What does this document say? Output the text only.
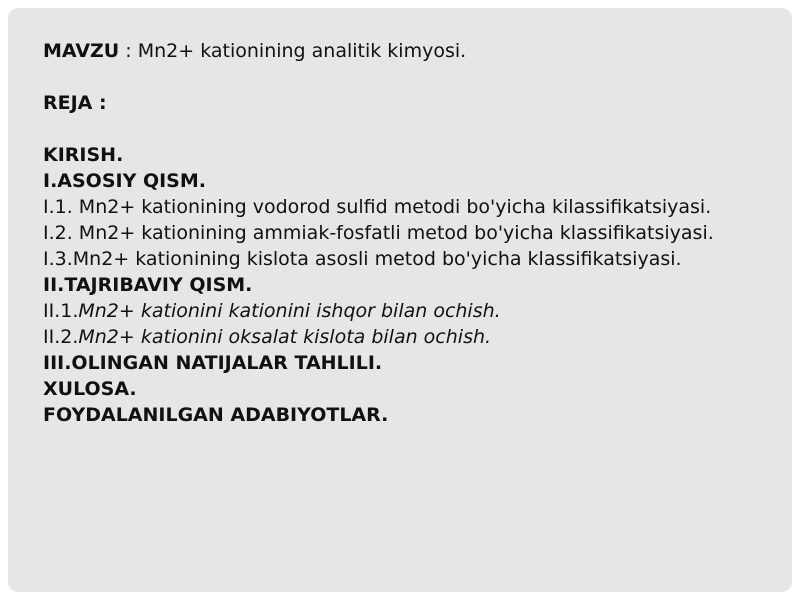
MAVZU : Mn2+ kationining analitik kimyosi.
REJA :
KIRISH.
I.ASOSIY QISM.
I.1. Mn2+ kationining vodorod sulfid metodi bo'yicha kilassifikatsiyasi.
I.2. Mn2+ kationining ammiak-fosfatli metod bo'yicha klassifikatsiyasi.
I.3.Mn2+ kationining kislota asosli metod bo'yicha klassifikatsiyasi.
II.TAJRIBAVIY QISM.
II.1.Mn2+ kationini kationini ishqor bilan ochish.
II.2.Mn2+ kationini oksalat kislota bilan ochish.
III.OLINGAN NATIJALAR TAHLILI.
XULOSA.
FOYDALANILGAN ADABIYOTLAR.
